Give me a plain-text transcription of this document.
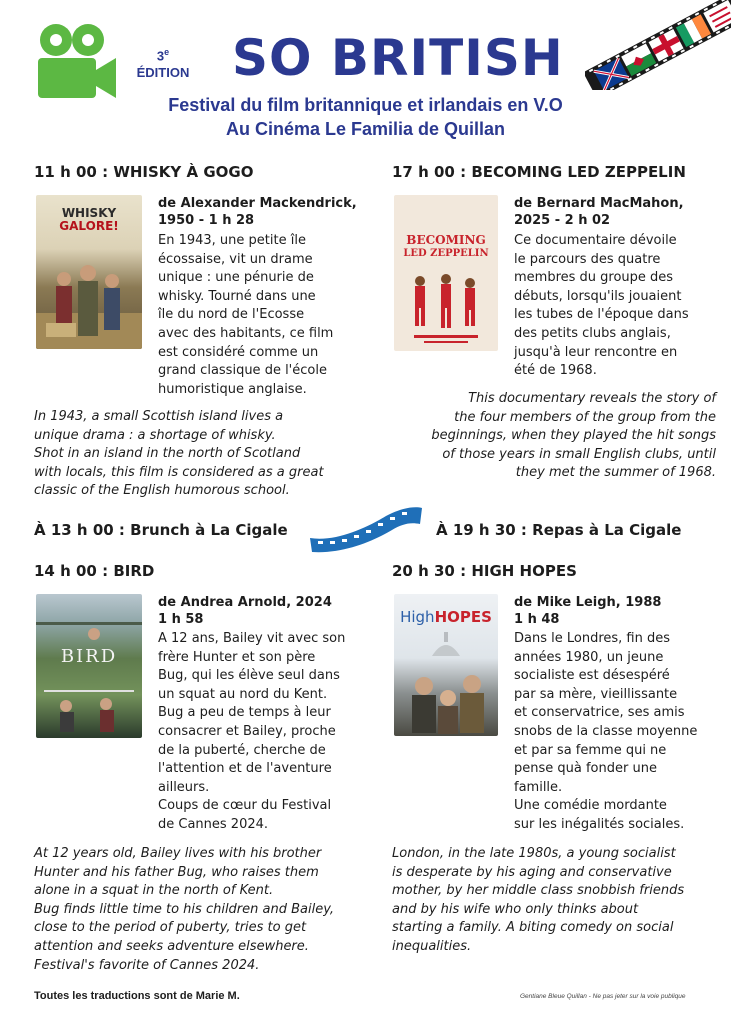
3e
ÉDITION SO BRITISH
Festival du film britannique et irlandais en V.O
Au Cinéma Le Familia de Quillan
11 h 00 : WHISKY À GOGO
WHISKY
GALORE!
de Alexander Mackendrick,
1950 - 1 h 28
En 1943, une petite île
écossaise, vit un drame
unique : une pénurie de
whisky. Tourné dans une
île du nord de l'Ecosse
avec des habitants, ce film
est considéré comme un
grand classique de l'école
humoristique anglaise.
In 1943, a small Scottish island lives a
unique drama : a shortage of whisky.
Shot in an island in the north of Scotland
with locals, this film is considered as a great
classic of the English humorous school.
17 h 00 : BECOMING LED ZEPPELIN
BECOMING
LED ZEPPELIN
de Bernard MacMahon,
2025 - 2 h 02
Ce documentaire dévoile
le parcours des quatre
membres du groupe des
débuts, lorsqu'ils jouaient
les tubes de l'époque dans
des petits clubs anglais,
jusqu'à leur rencontre en
été de 1968.
This documentary reveals the story of
the four members of the group from the
beginnings, when they played the hit songs
of those years in small English clubs, until
they met the summer of 1968.
À 13 h 00 : Brunch à La Cigale	À 19 h 30 : Repas à La Cigale
14 h 00 : BIRD
BIRD
de Andrea Arnold, 2024
1 h 58
A 12 ans, Bailey vit avec son
frère Hunter et son père
Bug, qui les élève seul dans
un squat au nord du Kent.
Bug a peu de temps à leur
consacrer et Bailey, proche
de la puberté, cherche de
l'attention et de l'aventure
ailleurs.
Coups de cœur du Festival
de Cannes 2024.
At 12 years old, Bailey lives with his brother
Hunter and his father Bug, who raises them
alone in a squat in the north of Kent.
Bug finds little time to his children and Bailey,
close to the period of puberty, tries to get
attention and seeks adventure elsewhere.
Festival's favorite of Cannes 2024.
20 h 30 : HIGH HOPES
HighHOPES
de Mike Leigh, 1988
1 h 48
Dans le Londres, fin des
années 1980, un jeune
socialiste est désespéré
par sa mère, vieillissante
et conservatrice, ses amis
snobs de la classe moyenne
et par sa femme qui ne
pense quà fonder une
famille.
Une comédie mordante
sur les inégalités sociales.
London, in the late 1980s, a young socialist
is desperate by his aging and conservative
mother, by her middle class snobbish friends
and by his wife who only thinks about
starting a family. A biting comedy on social
inequalities.
Toutes les traductions sont de Marie M.	Gentiane Bleue Quillan - Ne pas jeter sur la voie publique
